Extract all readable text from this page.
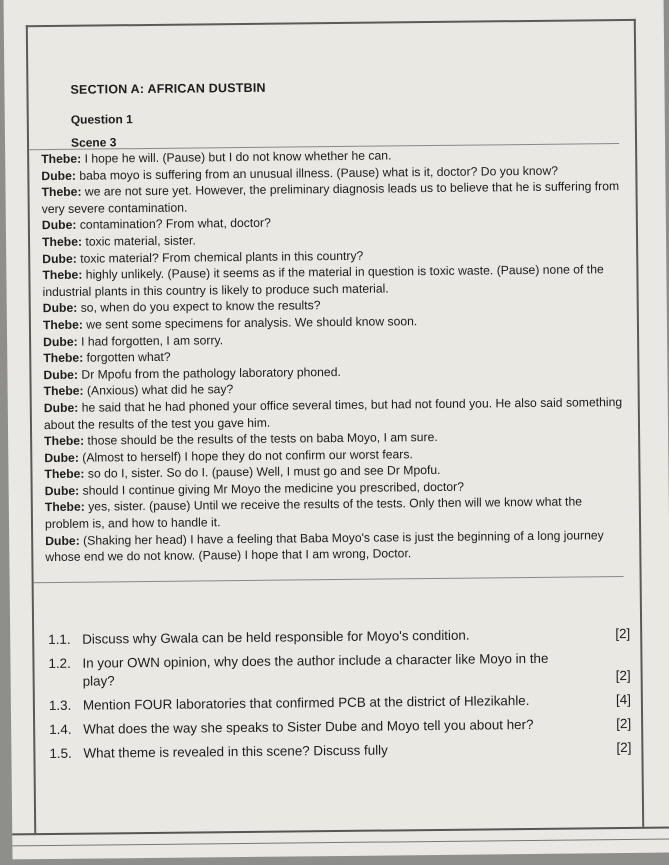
SECTION A: AFRICAN DUSTBIN
Question 1
Scene 3

Thebe: I hope he will. (Pause) but I do not know whether he can.

Dube: baba moyo is suffering from an unusual illness. (Pause) what is it, doctor? Do you know?

Thebe: we are not sure yet. However, the preliminary diagnosis leads us to believe that he is suffering from very severe contamination.

Dube: contamination? From what, doctor?

Thebe: toxic material, sister.

Dube: toxic material? From chemical plants in this country?

Thebe: highly unlikely. (Pause) it seems as if the material in question is toxic waste. (Pause) none of the industrial plants in this country is likely to produce such material.

Dube: so, when do you expect to know the results?

Thebe: we sent some specimens for analysis. We should know soon.

Dube: I had forgotten, I am sorry.

Thebe: forgotten what?

Dube: Dr Mpofu from the pathology laboratory phoned.

Thebe: (Anxious) what did he say?

Dube: he said that he had phoned your office several times, but had not found you. He also said something about the results of the test you gave him.

Thebe: those should be the results of the tests on baba Moyo, I am sure.

Dube: (Almost to herself) I hope they do not confirm our worst fears.

Thebe: so do I, sister. So do I. (pause) Well, I must go and see Dr Mpofu.

Dube: should I continue giving Mr Moyo the medicine you prescribed, doctor?

Thebe: yes, sister. (pause) Until we receive the results of the tests. Only then will we know what the problem is, and how to handle it.

Dube: (Shaking her head) I have a feeling that Baba Moyo's case is just the beginning of a long journey whose end we do not know. (Pause) I hope that I am wrong, Doctor.

1.1. Discuss why Gwala can be held responsible for Moyo's condition.	[2]
1.2. In your OWN opinion, why does the author include a character like Moyo in the play?	[2]
1.3. Mention FOUR laboratories that confirmed PCB at the district of Hlezikahle.	[4]
1.4. What does the way she speaks to Sister Dube and Moyo tell you about her?	[2]
1.5. What theme is revealed in this scene? Discuss fully	[2]
